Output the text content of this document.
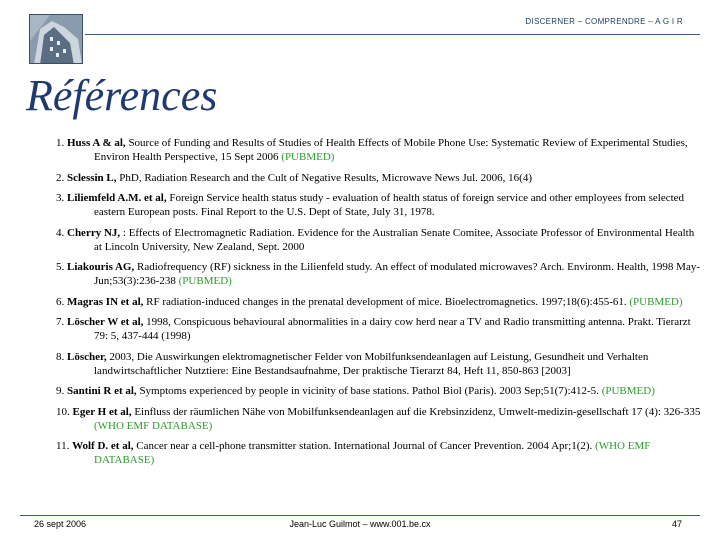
DISCERNER – COMPRENDRE – A G I R
Références
1. Huss A & al, Source of Funding and Results of Studies of Health Effects of Mobile Phone Use: Systematic Review of Experimental Studies, Environ Health Perspective, 15 Sept 2006 (PUBMED)
2. Sclessin L, PhD, Radiation Research and the Cult of Negative Results, Microwave News Jul. 2006, 16(4)
3. Liliemfeld A.M. et al, Foreign Service health status study - evaluation of health status of foreign service and other employees from selected eastern European posts. Final Report to the U.S. Dept of State, July 31, 1978.
4. Cherry NJ, : Effects of Electromagnetic Radiation. Evidence for the Australian Senate Comitee, Associate Professor of Environmental Health at Lincoln University, New Zealand, Sept. 2000
5. Liakouris AG, Radiofrequency (RF) sickness in the Lilienfeld study. An effect of modulated microwaves? Arch. Environm. Health, 1998 May-Jun;53(3):236-238 (PUBMED)
6. Magras IN et al, RF radiation-induced changes in the prenatal development of mice. Bioelectromagnetics. 1997;18(6):455-61. (PUBMED)
7. Löscher W et al, 1998, Conspicuous behavioural abnormalities in a dairy cow herd near a TV and Radio transmitting antenna. Prakt. Tierarzt 79: 5, 437-444 (1998)
8. Löscher, 2003, Die Auswirkungen elektromagnetischer Felder von Mobilfunksendeanlagen auf Leistung, Gesundheit und Verhalten landwirtschaftlicher Nutztiere: Eine Bestandsaufnahme, Der praktische Tierarzt 84, Heft 11, 850-863 [2003]
9. Santini R et al, Symptoms experienced by people in vicinity of base stations. Pathol Biol (Paris). 2003 Sep;51(7):412-5. (PUBMED)
10. Eger H et al, Einfluss der räumlichen Nähe von Mobilfunksendeanlagen auf die Krebsinzidenz, Umwelt-medizin-gesellschaft 17 (4): 326-335 (WHO EMF DATABASE)
11. Wolf D. et al, Cancer near a cell-phone transmitter station. International Journal of Cancer Prevention. 2004 Apr;1(2). (WHO EMF DATABASE)
26 sept 2006	Jean-Luc Guilmot – www.001.be.cx	47
